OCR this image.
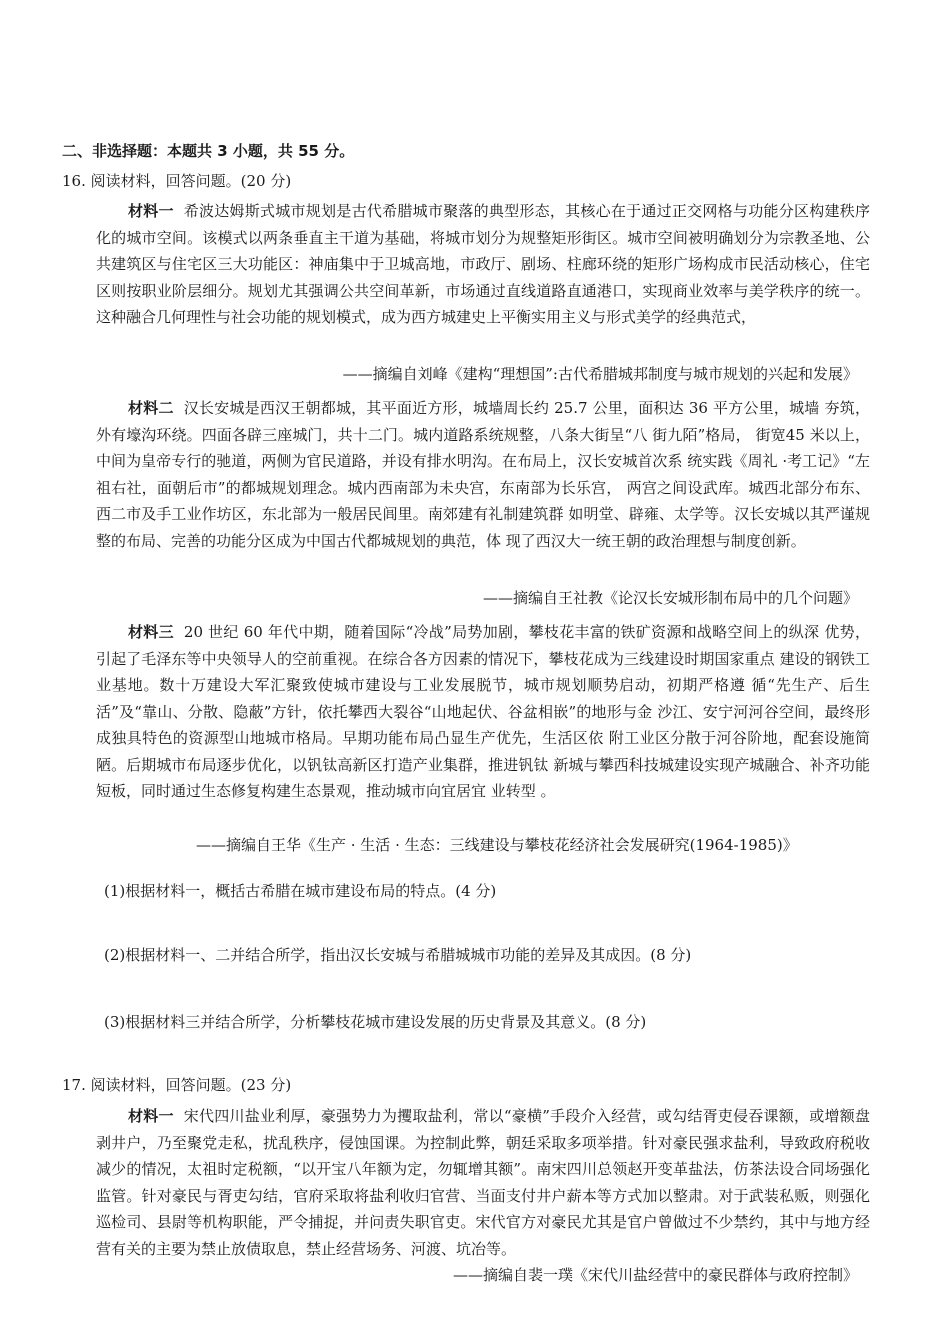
二、非选择题：本题共 3 小题，共 55 分。
16. 阅读材料，回答问题。(20 分)

材料一 希波达姆斯式城市规划是古代希腊城市聚落的典型形态，其核心在于通过正交网格与功能分区构建秩序化的城市空间。该模式以两条垂直主干道为基础，将城市划分为规整矩形街区。城市空间被明确划分为宗教圣地、公共建筑区与住宅区三大功能区：神庙集中于卫城高地，市政厅、剧场、柱廊环绕的矩形广场构成市民活动核心，住宅区则按职业阶层细分。规划尤其强调公共空间革新，市场通过直线道路直通港口，实现商业效率与美学秩序的统一。这种融合几何理性与社会功能的规划模式，成为西方城建史上平衡实用主义与形式美学的经典范式，

——摘编自刘峰《建构“理想国”:古代希腊城邦制度与城市规划的兴起和发展》

材料二 汉长安城是西汉王朝都城，其平面近方形，城墙周长约 25.7 公里，面积达 36 平方公里，城墙 夯筑，外有壕沟环绕。四面各辟三座城门，共十二门。城内道路系统规整，八条大街呈“八 街九陌”格局， 街宽45 米以上，中间为皇帝专行的驰道，两侧为官民道路，并设有排水明沟。在布局上，汉长安城首次系 统实践《周礼 ·考工记》“左祖右社，面朝后市”的都城规划理念。城内西南部为未央宫，东南部为长乐宫， 两宫之间设武库。城西北部分布东、西二市及手工业作坊区，东北部为一般居民闾里。南郊建有礼制建筑群 如明堂、辟雍、太学等。汉长安城以其严谨规整的布局、完善的功能分区成为中国古代都城规划的典范，体 现了西汉大一统王朝的政治理想与制度创新。

——摘编自王社教《论汉长安城形制布局中的几个问题》

材料三 20 世纪 60 年代中期，随着国际“冷战”局势加剧，攀枝花丰富的铁矿资源和战略空间上的纵深 优势，引起了毛泽东等中央领导人的空前重视。在综合各方因素的情况下，攀枝花成为三线建设时期国家重点 建设的钢铁工业基地。数十万建设大军汇聚致使城市建设与工业发展脱节，城市规划顺势启动，初期严格遵 循“先生产、后生活”及“靠山、分散、隐蔽”方针，依托攀西大裂谷“山地起伏、谷盆相嵌”的地形与金 沙江、安宁河河谷空间，最终形成独具特色的资源型山地城市格局。早期功能布局凸显生产优先，生活区依 附工业区分散于河谷阶地，配套设施简陋。后期城市布局逐步优化，以钒钛高新区打造产业集群，推进钒钛 新城与攀西科技城建设实现产城融合、补齐功能短板，同时通过生态修复构建生态景观，推动城市向宜居宜 业转型 。

——摘编自王华《生产 · 生活 · 生态：三线建设与攀枝花经济社会发展研究(1964-1985)》
(1)根据材料一，概括古希腊在城市建设布局的特点。(4 分)
(2)根据材料一、二并结合所学，指出汉长安城与希腊城城市功能的差异及其成因。(8 分)
(3)根据材料三并结合所学，分析攀枝花城市建设发展的历史背景及其意义。(8 分)
17. 阅读材料，回答问题。(23 分)

材料一 宋代四川盐业利厚，豪强势力为攫取盐利，常以“豪横”手段介入经营，或勾结胥吏侵吞课额，或增额盘剥井户，乃至聚党走私，扰乱秩序，侵蚀国课。为控制此弊，朝廷采取多项举措。针对豪民强求盐利，导致政府税收减少的情况，太祖时定税额，“以开宝八年额为定，勿辄增其额”。南宋四川总领赵开变革盐法，仿茶法设合同场强化监管。针对豪民与胥吏勾结，官府采取将盐利收归官营、当面支付井户薪本等方式加以整肃。对于武装私贩，则强化巡检司、县尉等机构职能，严令捕捉，并问责失职官吏。宋代官方对豪民尤其是官户曾做过不少禁约，其中与地方经营有关的主要为禁止放债取息，禁止经营场务、河渡、坑冶等。

——摘编自裴一璞《宋代川盐经营中的豪民群体与政府控制》
